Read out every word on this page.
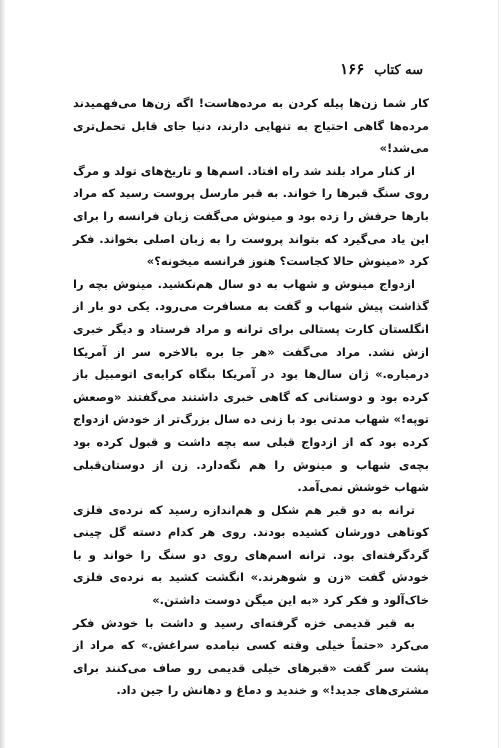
۱۶۶ سه کتاب

کار شما زن‌ها پیله کردن به مرده‌هاست! اگه زن‌ها می‌فهمیدند مرده‌ها گاهی احتیاج به تنهایی دارند، دنیا جای قابل تحمل‌تری می‌شد!»

از کنار مراد بلند شد راه افتاد. اسم‌ها و تاریخ‌های تولد و مرگ روی سنگ قبرها را خواند. به قبر مارسل پروست رسید که مراد بارها حرفش را زده بود و مینوش می‌گفت زبان فرانسه را برای این یاد می‌گیرد که بتواند پروست را به زبان اصلی بخواند. فکر کرد «مینوش حالا کجاست؟ هنوز فرانسه میخونه؟»

ازدواج مینوش و شهاب به دو سال هم‌نکشید. مینوش بچه را گذاشت پیش شهاب و گفت به مسافرت می‌رود. یکی دو بار از انگلستان کارت پستالی برای ترانه و مراد فرستاد و دیگر خبری ازش نشد. مراد می‌گفت «هر جا بره بالاخره سر از آمریکا درمیاره.» ژان سال‌ها بود در آمریکا بنگاه کرایه‌ی اتومبیل باز کرده بود و دوستانی که گاهی خبری داشتند می‌گفتند «وصعش توپه!» شهاب مدتی بود با زنی ده سال بزرگ‌تر از خودش ازدواج کرده بود که از ازدواج قبلی سه بچه داشت و قبول کرده بود بچه‌ی شهاب و مینوش را هم نگه‌دارد. زن از دوستان‌قبلی شهاب خوشش نمی‌آمد.

ترانه به دو قبر هم شکل و هم‌اندازه رسید که نرده‌ی فلزی کوتاهی دورشان کشیده بودند. روی هر کدام دسته گل چینی گردگرفته‌ای بود. ترانه اسم‌های روی دو سنگ را خواند و با خودش گفت «زن و شوهرند.» انگشت کشید به نرده‌ی فلزی خاک‌آلود و فکر کرد «به این میگن دوست داشتن.»

به قبر قدیمی خزه گرفته‌ای رسید و داشت با خودش فکر می‌کرد «حتماً خیلی وقته کسی نیامده سراغش.» که مراد از پشت سر گفت «قبرهای خیلی قدیمی رو صاف می‌کنند برای مشتری‌های جدید!» و خندید و دماغ و دهانش را جین داد.
